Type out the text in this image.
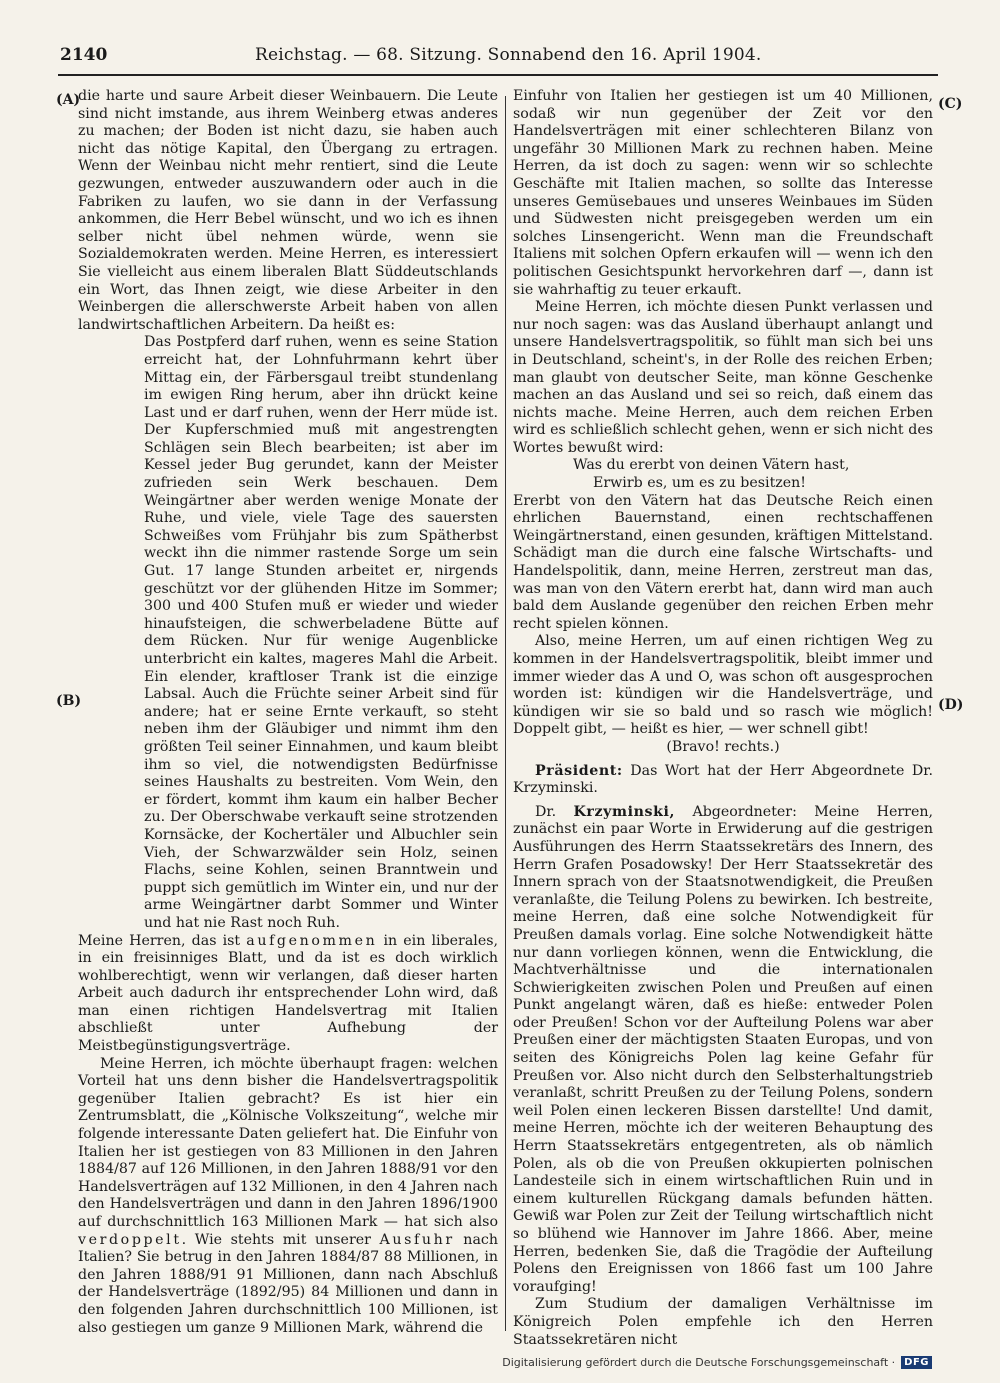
2140	Reichstag. — 68. Sitzung. Sonnabend den 16. April 1904.
(A)
(B)
(C)
(D)

die harte und saure Arbeit dieser Weinbauern. Die Leute sind nicht imstande, aus ihrem Weinberg etwas anderes zu machen; der Boden ist nicht dazu, sie haben auch nicht das nötige Kapital, den Übergang zu ertragen. Wenn der Weinbau nicht mehr rentiert, sind die Leute gezwungen, entweder auszuwandern oder auch in die Fabriken zu laufen, wo sie dann in der Verfassung ankommen, die Herr Bebel wünscht, und wo ich es ihnen selber nicht übel nehmen würde, wenn sie Sozialdemokraten werden. Meine Herren, es interessiert Sie vielleicht aus einem liberalen Blatt Süddeutschlands ein Wort, das Ihnen zeigt, wie diese Arbeiter in den Weinbergen die allerschwerste Arbeit haben von allen landwirtschaftlichen Arbeitern. Da heißt es:

Das Postpferd darf ruhen, wenn es seine Station erreicht hat, der Lohnfuhrmann kehrt über Mittag ein, der Färbersgaul treibt stundenlang im ewigen Ring herum, aber ihn drückt keine Last und er darf ruhen, wenn der Herr müde ist. Der Kupferschmied muß mit angestrengten Schlägen sein Blech bearbeiten; ist aber im Kessel jeder Bug gerundet, kann der Meister zufrieden sein Werk beschauen. Dem Weingärtner aber werden wenige Monate der Ruhe, und viele, viele Tage des sauersten Schweißes vom Frühjahr bis zum Spätherbst weckt ihn die nimmer rastende Sorge um sein Gut. 17 lange Stunden arbeitet er, nirgends geschützt vor der glühenden Hitze im Sommer; 300 und 400 Stufen muß er wieder und wieder hinaufsteigen, die schwerbeladene Bütte auf dem Rücken. Nur für wenige Augenblicke unterbricht ein kaltes, mageres Mahl die Arbeit. Ein elender, kraftloser Trank ist die einzige Labsal. Auch die Früchte seiner Arbeit sind für andere; hat er seine Ernte verkauft, so steht neben ihm der Gläubiger und nimmt ihm den größten Teil seiner Einnahmen, und kaum bleibt ihm so viel, die notwendigsten Bedürfnisse seines Haushalts zu bestreiten. Vom Wein, den er fördert, kommt ihm kaum ein halber Becher zu. Der Oberschwabe verkauft seine strotzenden Kornsäcke, der Kochertäler und Albuchler sein Vieh, der Schwarzwälder sein Holz, seinen Flachs, seine Kohlen, seinen Branntwein und puppt sich gemütlich im Winter ein, und nur der arme Weingärtner darbt Sommer und Winter und hat nie Rast noch Ruh.

Meine Herren, das ist aufgenommen in ein liberales, in ein freisinniges Blatt, und da ist es doch wirklich wohlberechtigt, wenn wir verlangen, daß dieser harten Arbeit auch dadurch ihr entsprechender Lohn wird, daß man einen richtigen Handelsvertrag mit Italien abschließt unter Aufhebung der Meistbegünstigungsverträge.

Meine Herren, ich möchte überhaupt fragen: welchen Vorteil hat uns denn bisher die Handelsvertragspolitik gegenüber Italien gebracht? Es ist hier ein Zentrumsblatt, die „Kölnische Volkszeitung“, welche mir folgende interessante Daten geliefert hat. Die Einfuhr von Italien her ist gestiegen von 83 Millionen in den Jahren 1884/87 auf 126 Millionen, in den Jahren 1888/91 vor den Handelsverträgen auf 132 Millionen, in den 4 Jahren nach den Handelsverträgen und dann in den Jahren 1896/1900 auf durchschnittlich 163 Millionen Mark — hat sich also verdoppelt. Wie stehts mit unserer Ausfuhr nach Italien? Sie betrug in den Jahren 1884/87 88 Millionen, in den Jahren 1888/91 91 Millionen, dann nach Abschluß der Handelsverträge (1892/95) 84 Millionen und dann in den folgenden Jahren durchschnittlich 100 Millionen, ist also gestiegen um ganze 9 Millionen Mark, während die

Einfuhr von Italien her gestiegen ist um 40 Millionen, sodaß wir nun gegenüber der Zeit vor den Handelsverträgen mit einer schlechteren Bilanz von ungefähr 30 Millionen Mark zu rechnen haben. Meine Herren, da ist doch zu sagen: wenn wir so schlechte Geschäfte mit Italien machen, so sollte das Interesse unseres Gemüsebaues und unseres Weinbaues im Süden und Südwesten nicht preisgegeben werden um ein solches Linsengericht. Wenn man die Freundschaft Italiens mit solchen Opfern erkaufen will — wenn ich den politischen Gesichtspunkt hervorkehren darf —, dann ist sie wahrhaftig zu teuer erkauft.

Meine Herren, ich möchte diesen Punkt verlassen und nur noch sagen: was das Ausland überhaupt anlangt und unsere Handelsvertragspolitik, so fühlt man sich bei uns in Deutschland, scheint's, in der Rolle des reichen Erben; man glaubt von deutscher Seite, man könne Geschenke machen an das Ausland und sei so reich, daß einem das nichts mache. Meine Herren, auch dem reichen Erben wird es schließlich schlecht gehen, wenn er sich nicht des Wortes bewußt wird:

Was du ererbt von deinen Vätern hast,

Erwirb es, um es zu besitzen!

Ererbt von den Vätern hat das Deutsche Reich einen ehrlichen Bauernstand, einen rechtschaffenen Weingärtnerstand, einen gesunden, kräftigen Mittelstand. Schädigt man die durch eine falsche Wirtschafts- und Handelspolitik, dann, meine Herren, zerstreut man das, was man von den Vätern ererbt hat, dann wird man auch bald dem Auslande gegenüber den reichen Erben mehr recht spielen können.

Also, meine Herren, um auf einen richtigen Weg zu kommen in der Handelsvertragspolitik, bleibt immer und immer wieder das A und O, was schon oft ausgesprochen worden ist: kündigen wir die Handelsverträge, und kündigen wir sie so bald und so rasch wie möglich! Doppelt gibt, — heißt es hier, — wer schnell gibt!

(Bravo! rechts.)

Präsident: Das Wort hat der Herr Abgeordnete Dr. Krzyminski.

Dr. Krzyminski, Abgeordneter: Meine Herren, zunächst ein paar Worte in Erwiderung auf die gestrigen Ausführungen des Herrn Staatssekretärs des Innern, des Herrn Grafen Posadowsky! Der Herr Staatssekretär des Innern sprach von der Staatsnotwendigkeit, die Preußen veranlaßte, die Teilung Polens zu bewirken. Ich bestreite, meine Herren, daß eine solche Notwendigkeit für Preußen damals vorlag. Eine solche Notwendigkeit hätte nur dann vorliegen können, wenn die Entwicklung, die Machtverhältnisse und die internationalen Schwierigkeiten zwischen Polen und Preußen auf einen Punkt angelangt wären, daß es hieße: entweder Polen oder Preußen! Schon vor der Aufteilung Polens war aber Preußen einer der mächtigsten Staaten Europas, und von seiten des Königreichs Polen lag keine Gefahr für Preußen vor. Also nicht durch den Selbsterhaltungstrieb veranlaßt, schritt Preußen zu der Teilung Polens, sondern weil Polen einen leckeren Bissen darstellte! Und damit, meine Herren, möchte ich der weiteren Behauptung des Herrn Staatssekretärs entgegentreten, als ob nämlich Polen, als ob die von Preußen okkupierten polnischen Landesteile sich in einem wirtschaftlichen Ruin und in einem kulturellen Rückgang damals befunden hätten. Gewiß war Polen zur Zeit der Teilung wirtschaftlich nicht so blühend wie Hannover im Jahre 1866. Aber, meine Herren, bedenken Sie, daß die Tragödie der Aufteilung Polens den Ereignissen von 1866 fast um 100 Jahre voraufging!

Zum Studium der damaligen Verhältnisse im Königreich Polen empfehle ich den Herren Staatssekretären nicht

Digitalisierung gefördert durch die Deutsche Forschungsgemeinschaft · DFG
